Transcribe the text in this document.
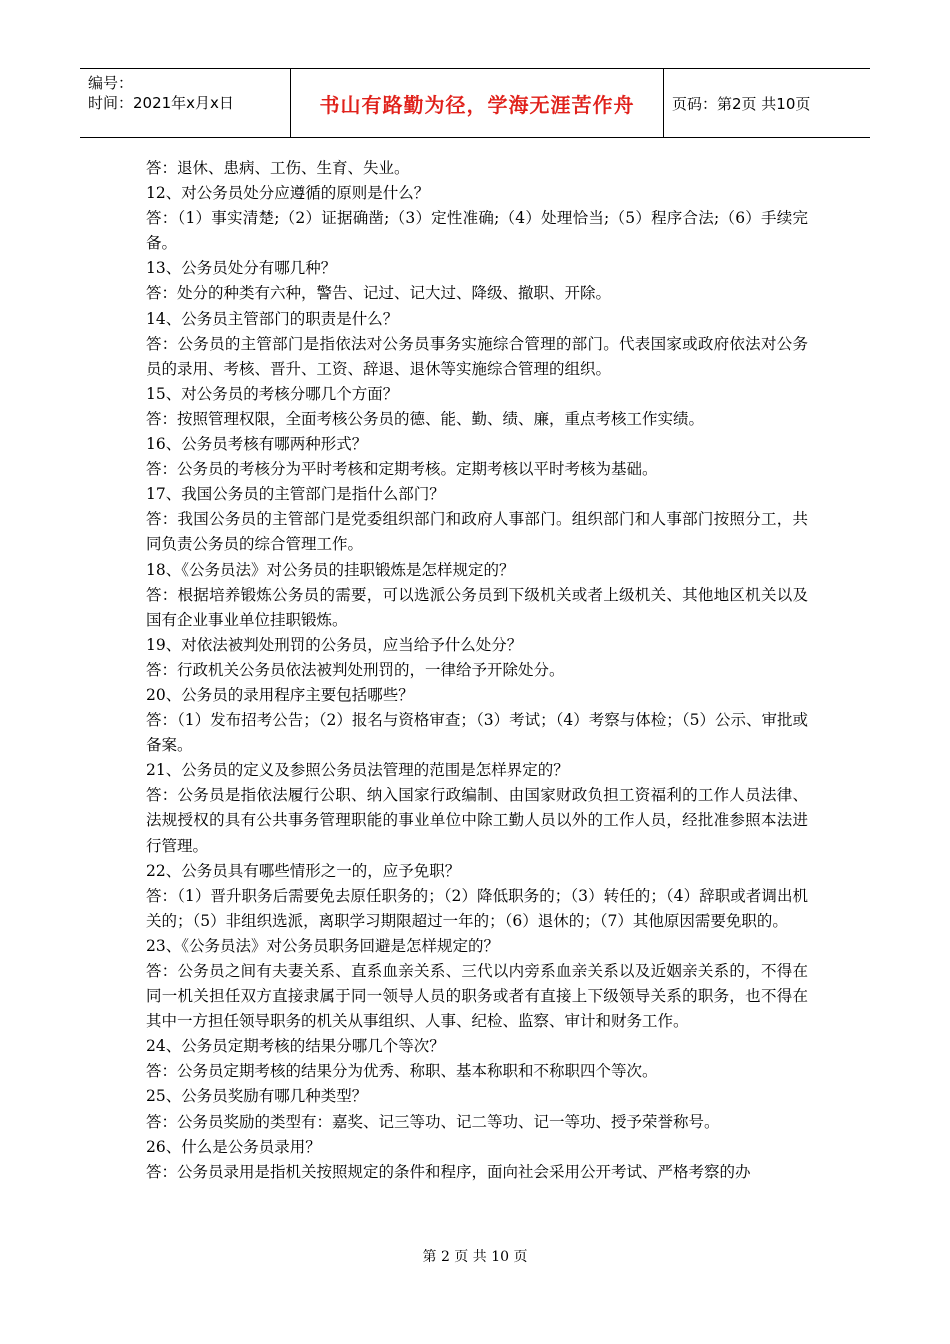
编号：
时间：2021年x月x日	书山有路勤为径，学海无涯苦作舟	页码：第2页 共10页

答：退休、患病、工伤、生育、失业。

12、对公务员处分应遵循的原则是什么？

答：（1）事实清楚;（2）证据确凿;（3）定性准确;（4）处理恰当;（5）程序合法;（6）手续完备。

13、公务员处分有哪几种？

答：处分的种类有六种，警告、记过、记大过、降级、撤职、开除。

14、公务员主管部门的职责是什么？

答：公务员的主管部门是指依法对公务员事务实施综合管理的部门。代表国家或政府依法对公务员的录用、考核、晋升、工资、辞退、退休等实施综合管理的组织。

15、对公务员的考核分哪几个方面？

答：按照管理权限，全面考核公务员的德、能、勤、绩、廉，重点考核工作实绩。

16、公务员考核有哪两种形式？

答：公务员的考核分为平时考核和定期考核。定期考核以平时考核为基础。

17、我国公务员的主管部门是指什么部门？

答：我国公务员的主管部门是党委组织部门和政府人事部门。组织部门和人事部门按照分工，共同负责公务员的综合管理工作。

18、《公务员法》对公务员的挂职锻炼是怎样规定的？

答：根据培养锻炼公务员的需要，可以选派公务员到下级机关或者上级机关、其他地区机关以及国有企业事业单位挂职锻炼。

19、对依法被判处刑罚的公务员，应当给予什么处分？

答：行政机关公务员依法被判处刑罚的，一律给予开除处分。

20、公务员的录用程序主要包括哪些？

答：（1）发布招考公告；（2）报名与资格审查；（3）考试；（4）考察与体检；（5）公示、审批或备案。

21、公务员的定义及参照公务员法管理的范围是怎样界定的？

答：公务员是指依法履行公职、纳入国家行政编制、由国家财政负担工资福利的工作人员法律、法规授权的具有公共事务管理职能的事业单位中除工勤人员以外的工作人员，经批准参照本法进行管理。

22、公务员具有哪些情形之一的，应予免职？

答：（1）晋升职务后需要免去原任职务的；（2）降低职务的；（3）转任的；（4）辞职或者调出机关的；（5）非组织选派，离职学习期限超过一年的；（6）退休的；（7）其他原因需要免职的。

23、《公务员法》对公务员职务回避是怎样规定的？

答：公务员之间有夫妻关系、直系血亲关系、三代以内旁系血亲关系以及近姻亲关系的，不得在同一机关担任双方直接隶属于同一领导人员的职务或者有直接上下级领导关系的职务，也不得在其中一方担任领导职务的机关从事组织、人事、纪检、监察、审计和财务工作。

24、公务员定期考核的结果分哪几个等次？

答：公务员定期考核的结果分为优秀、称职、基本称职和不称职四个等次。

25、公务员奖励有哪几种类型？

答：公务员奖励的类型有：嘉奖、记三等功、记二等功、记一等功、授予荣誉称号。

26、什么是公务员录用？

答：公务员录用是指机关按照规定的条件和程序，面向社会采用公开考试、严格考察的办

第 2 页 共 10 页
